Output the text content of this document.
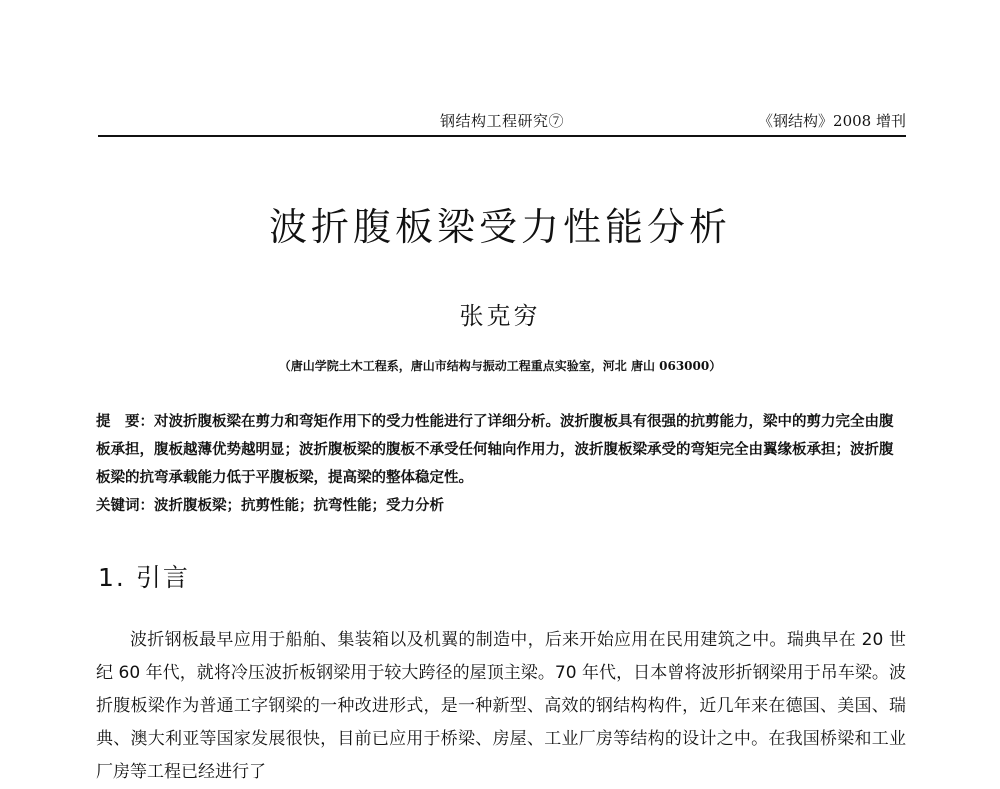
钢结构工程研究⑦	《钢结构》2008 增刊
波折腹板梁受力性能分析
张克穷
（唐山学院土木工程系，唐山市结构与振动工程重点实验室，河北 唐山 063000）

提　要：对波折腹板梁在剪力和弯矩作用下的受力性能进行了详细分析。波折腹板具有很强的抗剪能力，梁中的剪力完全由腹板承担，腹板越薄优势越明显；波折腹板梁的腹板不承受任何轴向作用力，波折腹板梁承受的弯矩完全由翼缘板承担；波折腹板梁的抗弯承载能力低于平腹板梁，提高梁的整体稳定性。

关键词：波折腹板梁；抗剪性能；抗弯性能；受力分析

1. 引言

波折钢板最早应用于船舶、集装箱以及机翼的制造中，后来开始应用在民用建筑之中。瑞典早在 20 世纪 60 年代，就将冷压波折板钢梁用于较大跨径的屋顶主梁。70 年代，日本曾将波形折钢梁用于吊车梁。波折腹板梁作为普通工字钢梁的一种改进形式，是一种新型、高效的钢结构构件，近几年来在德国、美国、瑞典、澳大利亚等国家发展很快，目前已应用于桥梁、房屋、工业厂房等结构的设计之中。在我国桥梁和工业厂房等工程已经进行了
